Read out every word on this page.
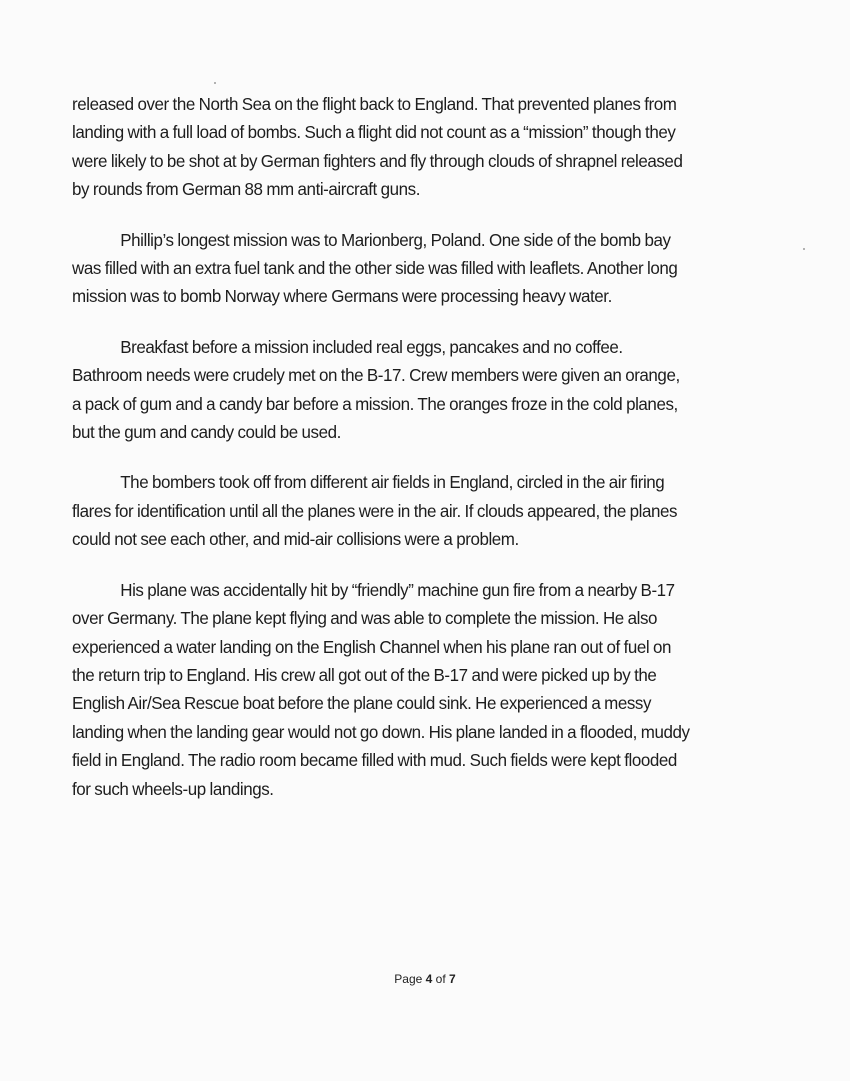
released over the North Sea on the flight back to England. That prevented planes from landing with a full load of bombs. Such a flight did not count as a “mission” though they were likely to be shot at by German fighters and fly through clouds of shrapnel released by rounds from German 88 mm anti-aircraft guns.

Phillip’s longest mission was to Marionberg, Poland. One side of the bomb bay was filled with an extra fuel tank and the other side was filled with leaflets. Another long mission was to bomb Norway where Germans were processing heavy water.

Breakfast before a mission included real eggs, pancakes and no coffee. Bathroom needs were crudely met on the B-17. Crew members were given an orange, a pack of gum and a candy bar before a mission. The oranges froze in the cold planes, but the gum and candy could be used.

The bombers took off from different air fields in England, circled in the air firing flares for identification until all the planes were in the air. If clouds appeared, the planes could not see each other, and mid-air collisions were a problem.

His plane was accidentally hit by “friendly” machine gun fire from a nearby B-17 over Germany. The plane kept flying and was able to complete the mission. He also experienced a water landing on the English Channel when his plane ran out of fuel on the return trip to England. His crew all got out of the B-17 and were picked up by the English Air/Sea Rescue boat before the plane could sink. He experienced a messy landing when the landing gear would not go down. His plane landed in a flooded, muddy field in England. The radio room became filled with mud. Such fields were kept flooded for such wheels-up landings.

Page 4 of 7
